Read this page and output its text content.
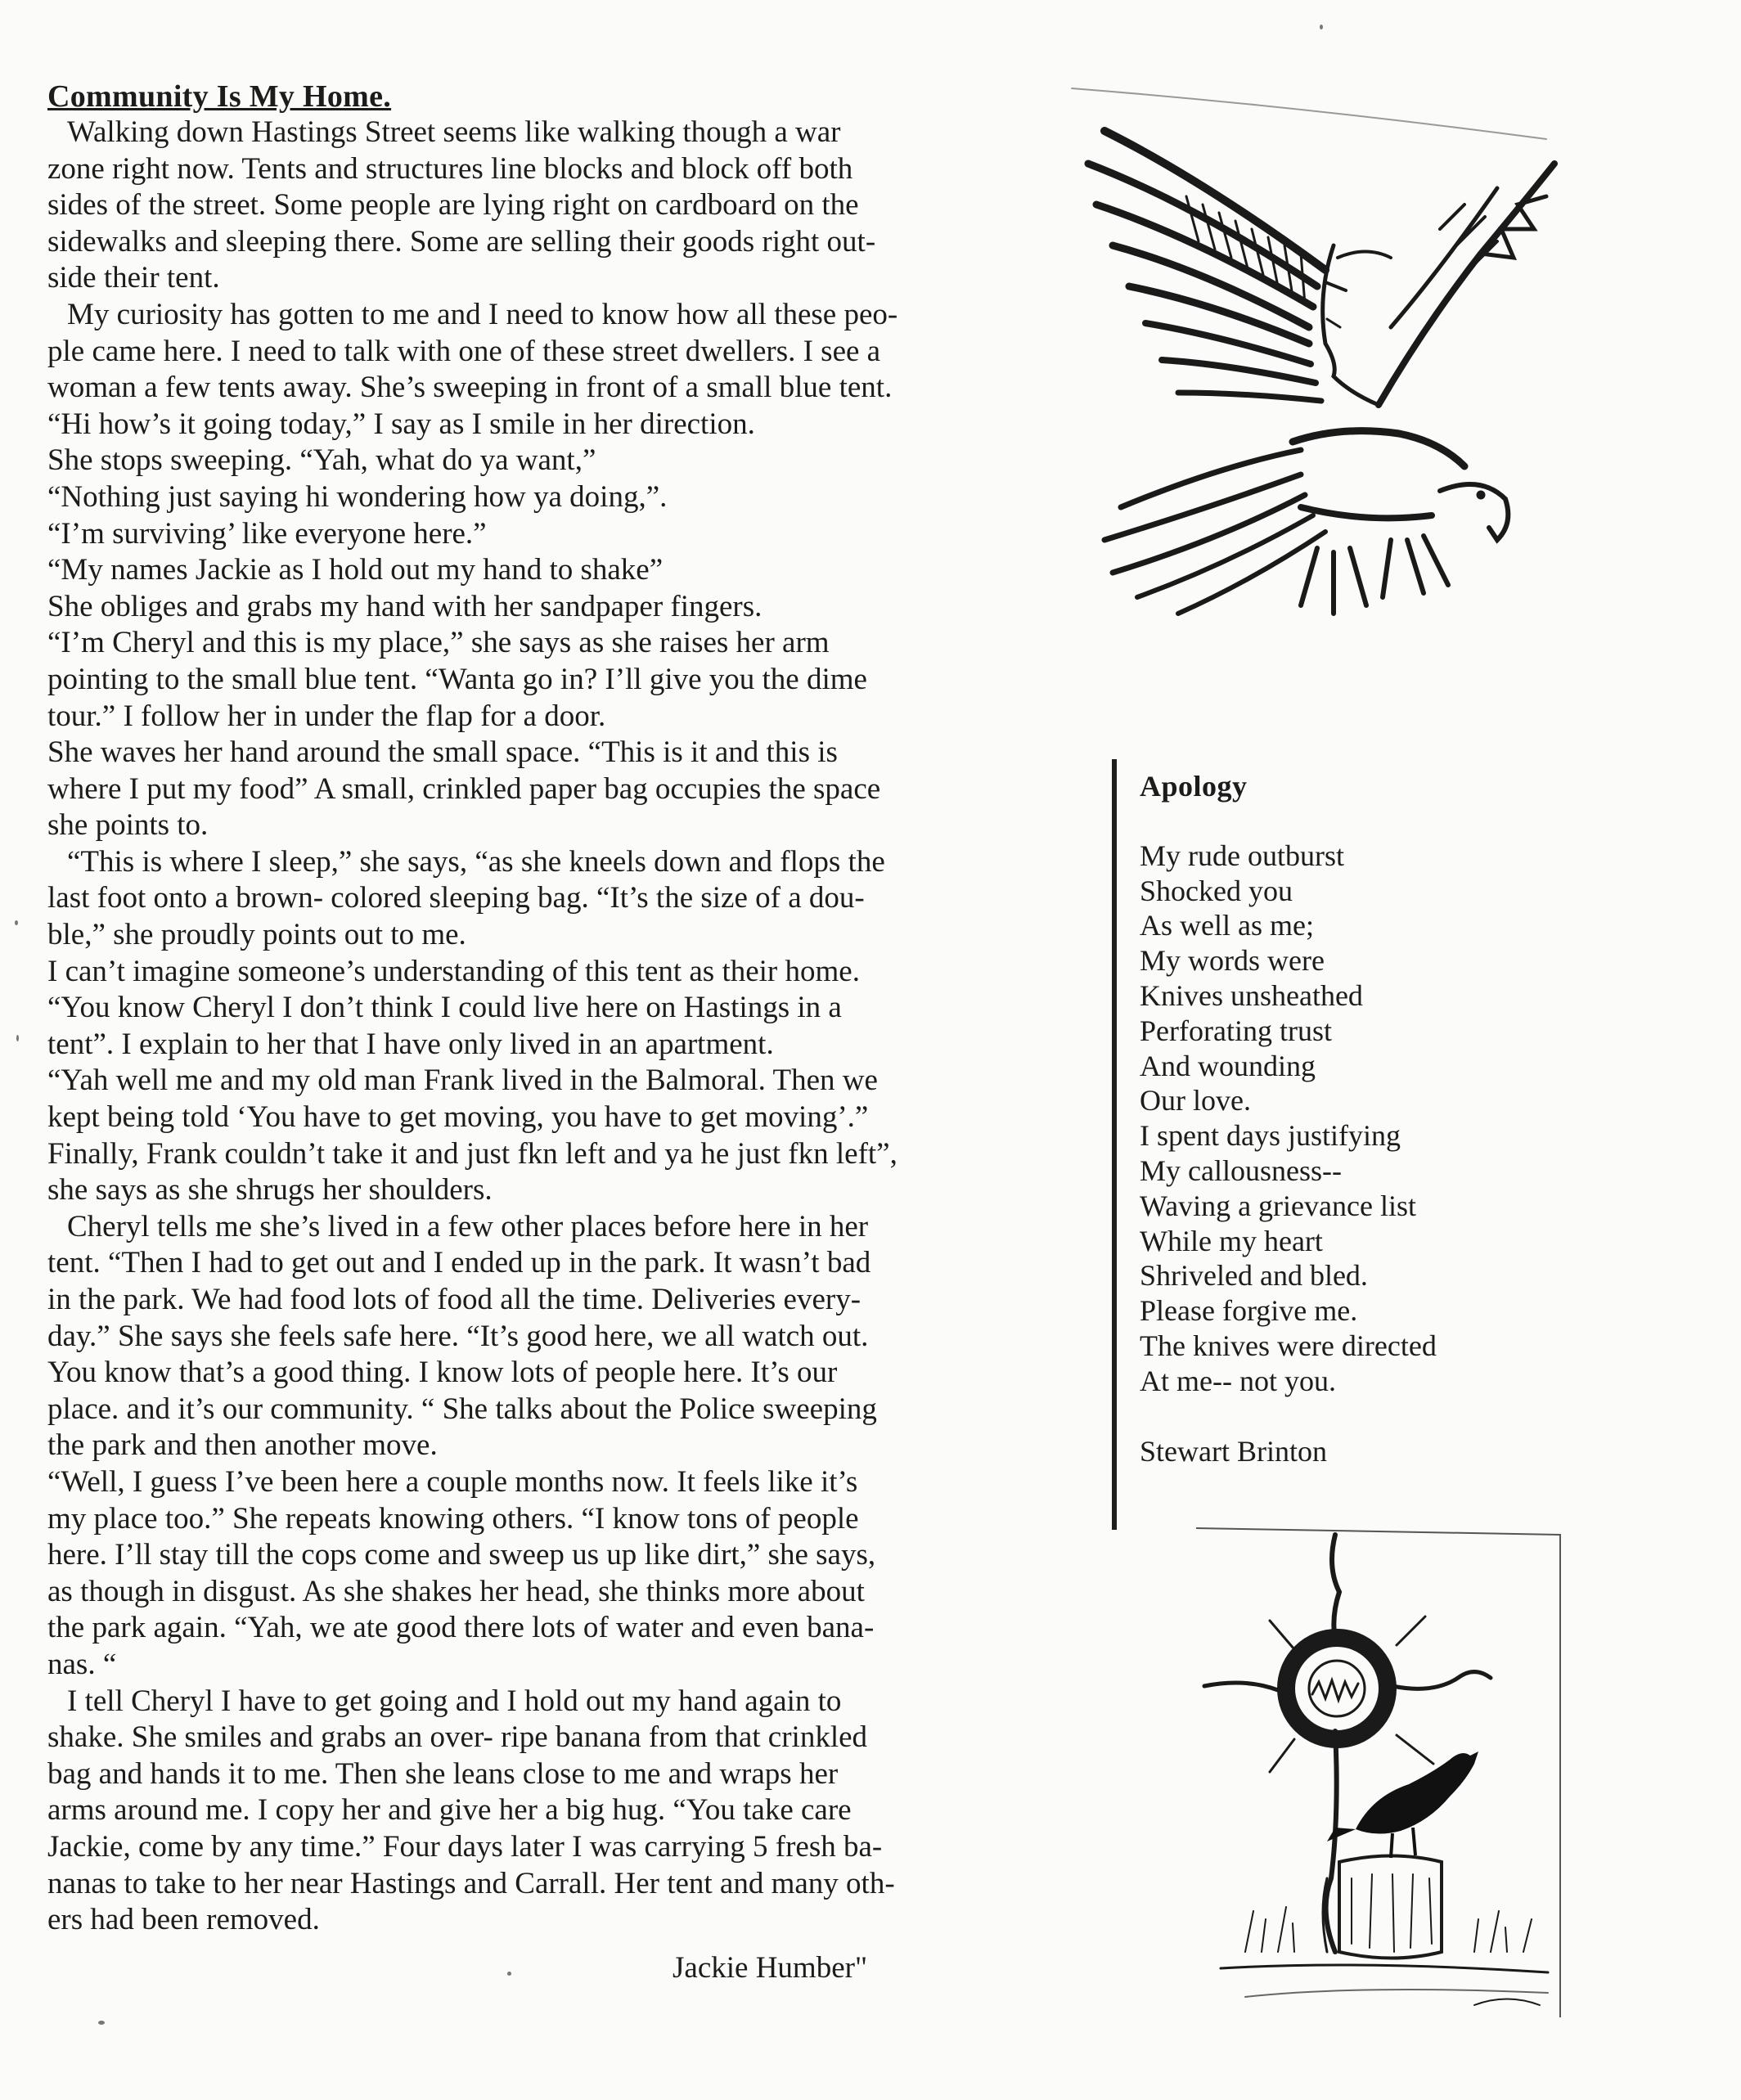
Community Is My Home.
Walking down Hastings Street seems like walking though a war
zone right now. Tents and structures line blocks and block off both
sides of the street. Some people are lying right on cardboard on the
sidewalks and sleeping there. Some are selling their goods right out-
side their tent.
My curiosity has gotten to me and I need to know how all these peo-
ple came here. I need to talk with one of these street dwellers. I see a
woman a few tents away. She’s sweeping in front of a small blue tent.
“Hi how’s it going today,” I say as I smile in her direction.
She stops sweeping. “Yah, what do ya want,”
“Nothing just saying hi wondering how ya doing,”.
“I’m surviving’ like everyone here.”
“My names Jackie as I hold out my hand to shake”
She obliges and grabs my hand with her sandpaper fingers.
“I’m Cheryl and this is my place,” she says as she raises her arm
pointing to the small blue tent. “Wanta go in? I’ll give you the dime
tour.” I follow her in under the flap for a door.
She waves her hand around the small space. “This is it and this is
where I put my food” A small, crinkled paper bag occupies the space
she points to.
“This is where I sleep,” she says, “as she kneels down and flops the
last foot onto a brown- colored sleeping bag. “It’s the size of a dou-
ble,” she proudly points out to me.
I can’t imagine someone’s understanding of this tent as their home.
“You know Cheryl I don’t think I could live here on Hastings in a
tent”. I explain to her that I have only lived in an apartment.
“Yah well me and my old man Frank lived in the Balmoral. Then we
kept being told ‘You have to get moving, you have to get moving’.”
Finally, Frank couldn’t take it and just fkn left and ya he just fkn left”,
she says as she shrugs her shoulders.
Cheryl tells me she’s lived in a few other places before here in her
tent. “Then I had to get out and I ended up in the park. It wasn’t bad
in the park. We had food lots of food all the time. Deliveries every-
day.” She says she feels safe here. “It’s good here, we all watch out.
You know that’s a good thing. I know lots of people here. It’s our
place. and it’s our community. “ She talks about the Police sweeping
the park and then another move.
“Well, I guess I’ve been here a couple months now. It feels like it’s
my place too.” She repeats knowing others. “I know tons of people
here. I’ll stay till the cops come and sweep us up like dirt,” she says,
as though in disgust. As she shakes her head, she thinks more about
the park again. “Yah, we ate good there lots of water and even bana-
nas. “
I tell Cheryl I have to get going and I hold out my hand again to
shake. She smiles and grabs an over- ripe banana from that crinkled
bag and hands it to me. Then she leans close to me and wraps her
arms around me. I copy her and give her a big hug. “You take care
Jackie, come by any time.” Four days later I was carrying 5 fresh ba-
nanas to take to her near Hastings and Carrall. Her tent and many oth-
ers had been removed.
Jackie Humber"
Apology
My rude outburst
Shocked you
As well as me;
My words were
Knives unsheathed
Perforating trust
And wounding
Our love.
I spent days justifying
My callousness--
Waving a grievance list
While my heart
Shriveled and bled.
Please forgive me.
The knives were directed
At me-- not you.
Stewart Brinton
